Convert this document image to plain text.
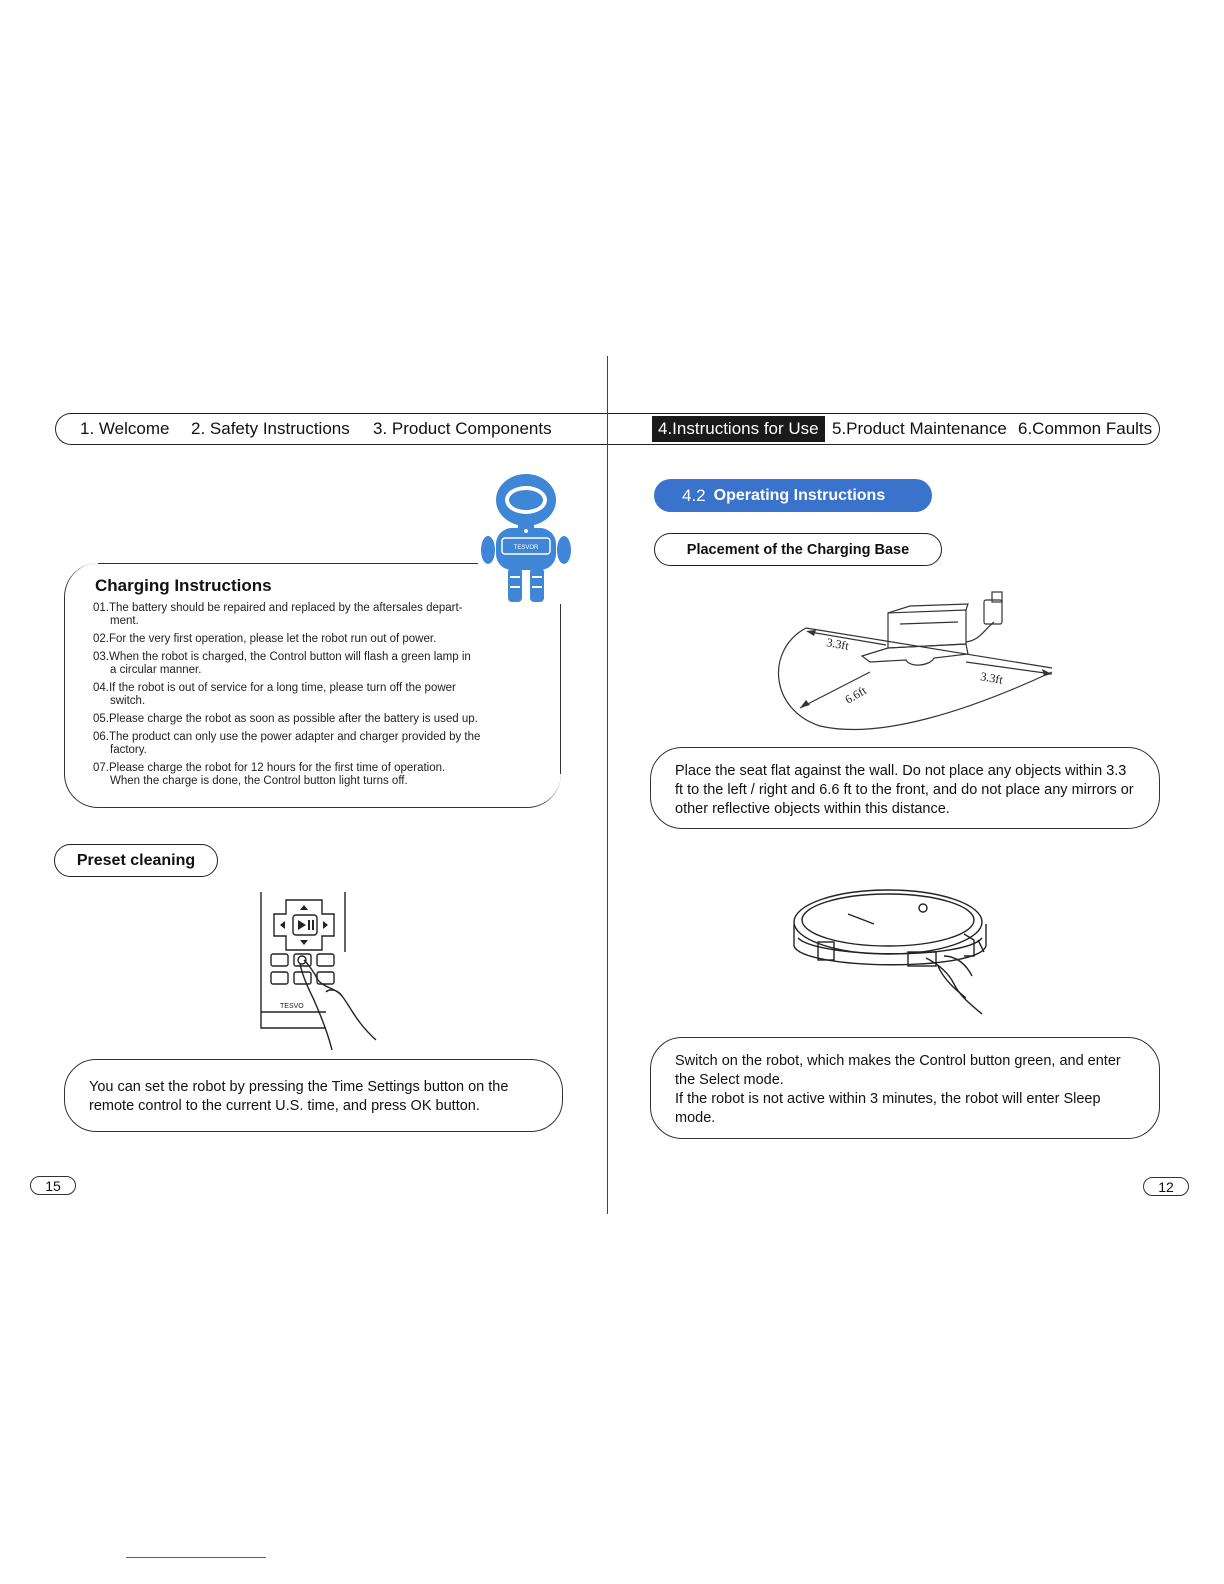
1. Welcome 2. Safety Instructions 3. Product Components	4.Instructions for Use 5.Product Maintenance 6.Common Faults
TESVOR
Charging Instructions
01.The battery should be repaired and replaced by the aftersales depart-
ment.
02.For the very first operation, please let the robot run out of power.
03.When the robot is charged, the Control button will flash a green lamp in
a circular manner.
04.If the robot is out of service for a long time, please turn off the power
switch.
05.Please charge the robot as soon as possible after the battery is used up.
06.The product can only use the power adapter and charger provided by the
factory.
07.Please charge the robot for 12 hours for the first time of operation.
When the charge is done, the Control button light turns off.
Preset cleaning
TESVO
You can set the robot by pressing the Time Settings button on the remote control to the current U.S. time, and press OK button.
15
4.2 Operating Instructions
Placement of the Charging Base
3.3ft
3.3ft
6.6ft
Place the seat flat against the wall. Do not place any objects within 3.3 ft to the left / right and 6.6 ft to the front, and do not place any mirrors or other reflective objects within this distance.
Switch on the robot, which makes the Control button green, and enter the Select mode.
If the robot is not active within 3 minutes, the robot will enter Sleep mode.
12
